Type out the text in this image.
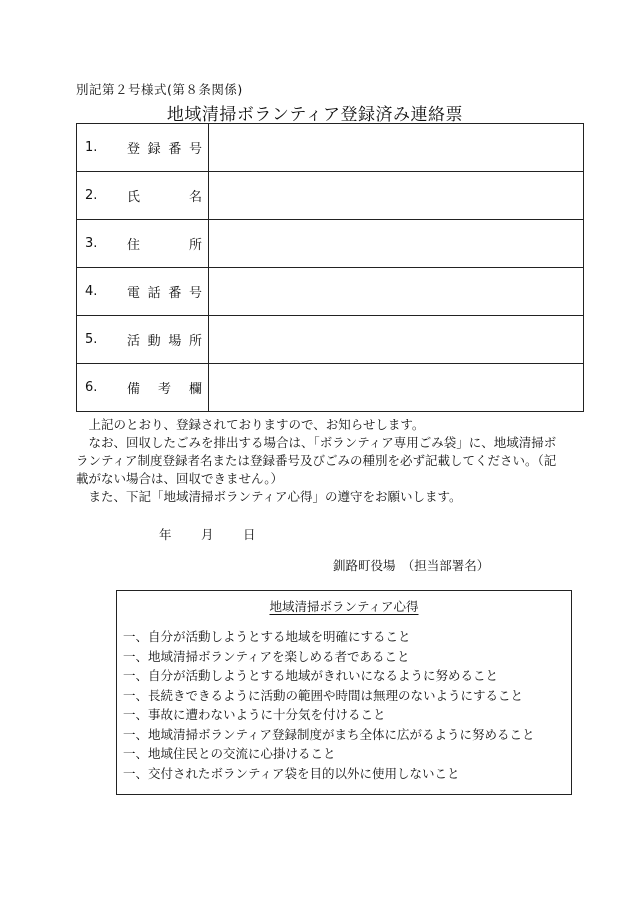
別記第２号様式(第８条関係)
地域清掃ボランティア登録済み連絡票
1. 登 録 番 号	

2. 氏 名	

3. 住 所	

4. 電 話 番 号	

5. 活 動 場 所	

6. 備 考 欄	

上記のとおり、登録されておりますので、お知らせします。

なお、回収したごみを排出する場合は、「ボランティア専用ごみ袋」に、地域清掃ボランティア制度登録者名または登録番号及びごみの種別を必ず記載してください。（記載がない場合は、回収できません。）

また、下記「地域清掃ボランティア心得」の遵守をお願いします。

年 月 日
釧路町役場　（担当部署名）
地域清掃ボランティア心得
一、自分が活動しようとする地域を明確にすること
一、地域清掃ボランティアを楽しめる者であること
一、自分が活動しようとする地域がきれいになるように努めること
一、長続きできるように活動の範囲や時間は無理のないようにすること
一、事故に遭わないように十分気を付けること
一、地域清掃ボランティア登録制度がまち全体に広がるように努めること
一、地域住民との交流に心掛けること
一、交付されたボランティア袋を目的以外に使用しないこと
